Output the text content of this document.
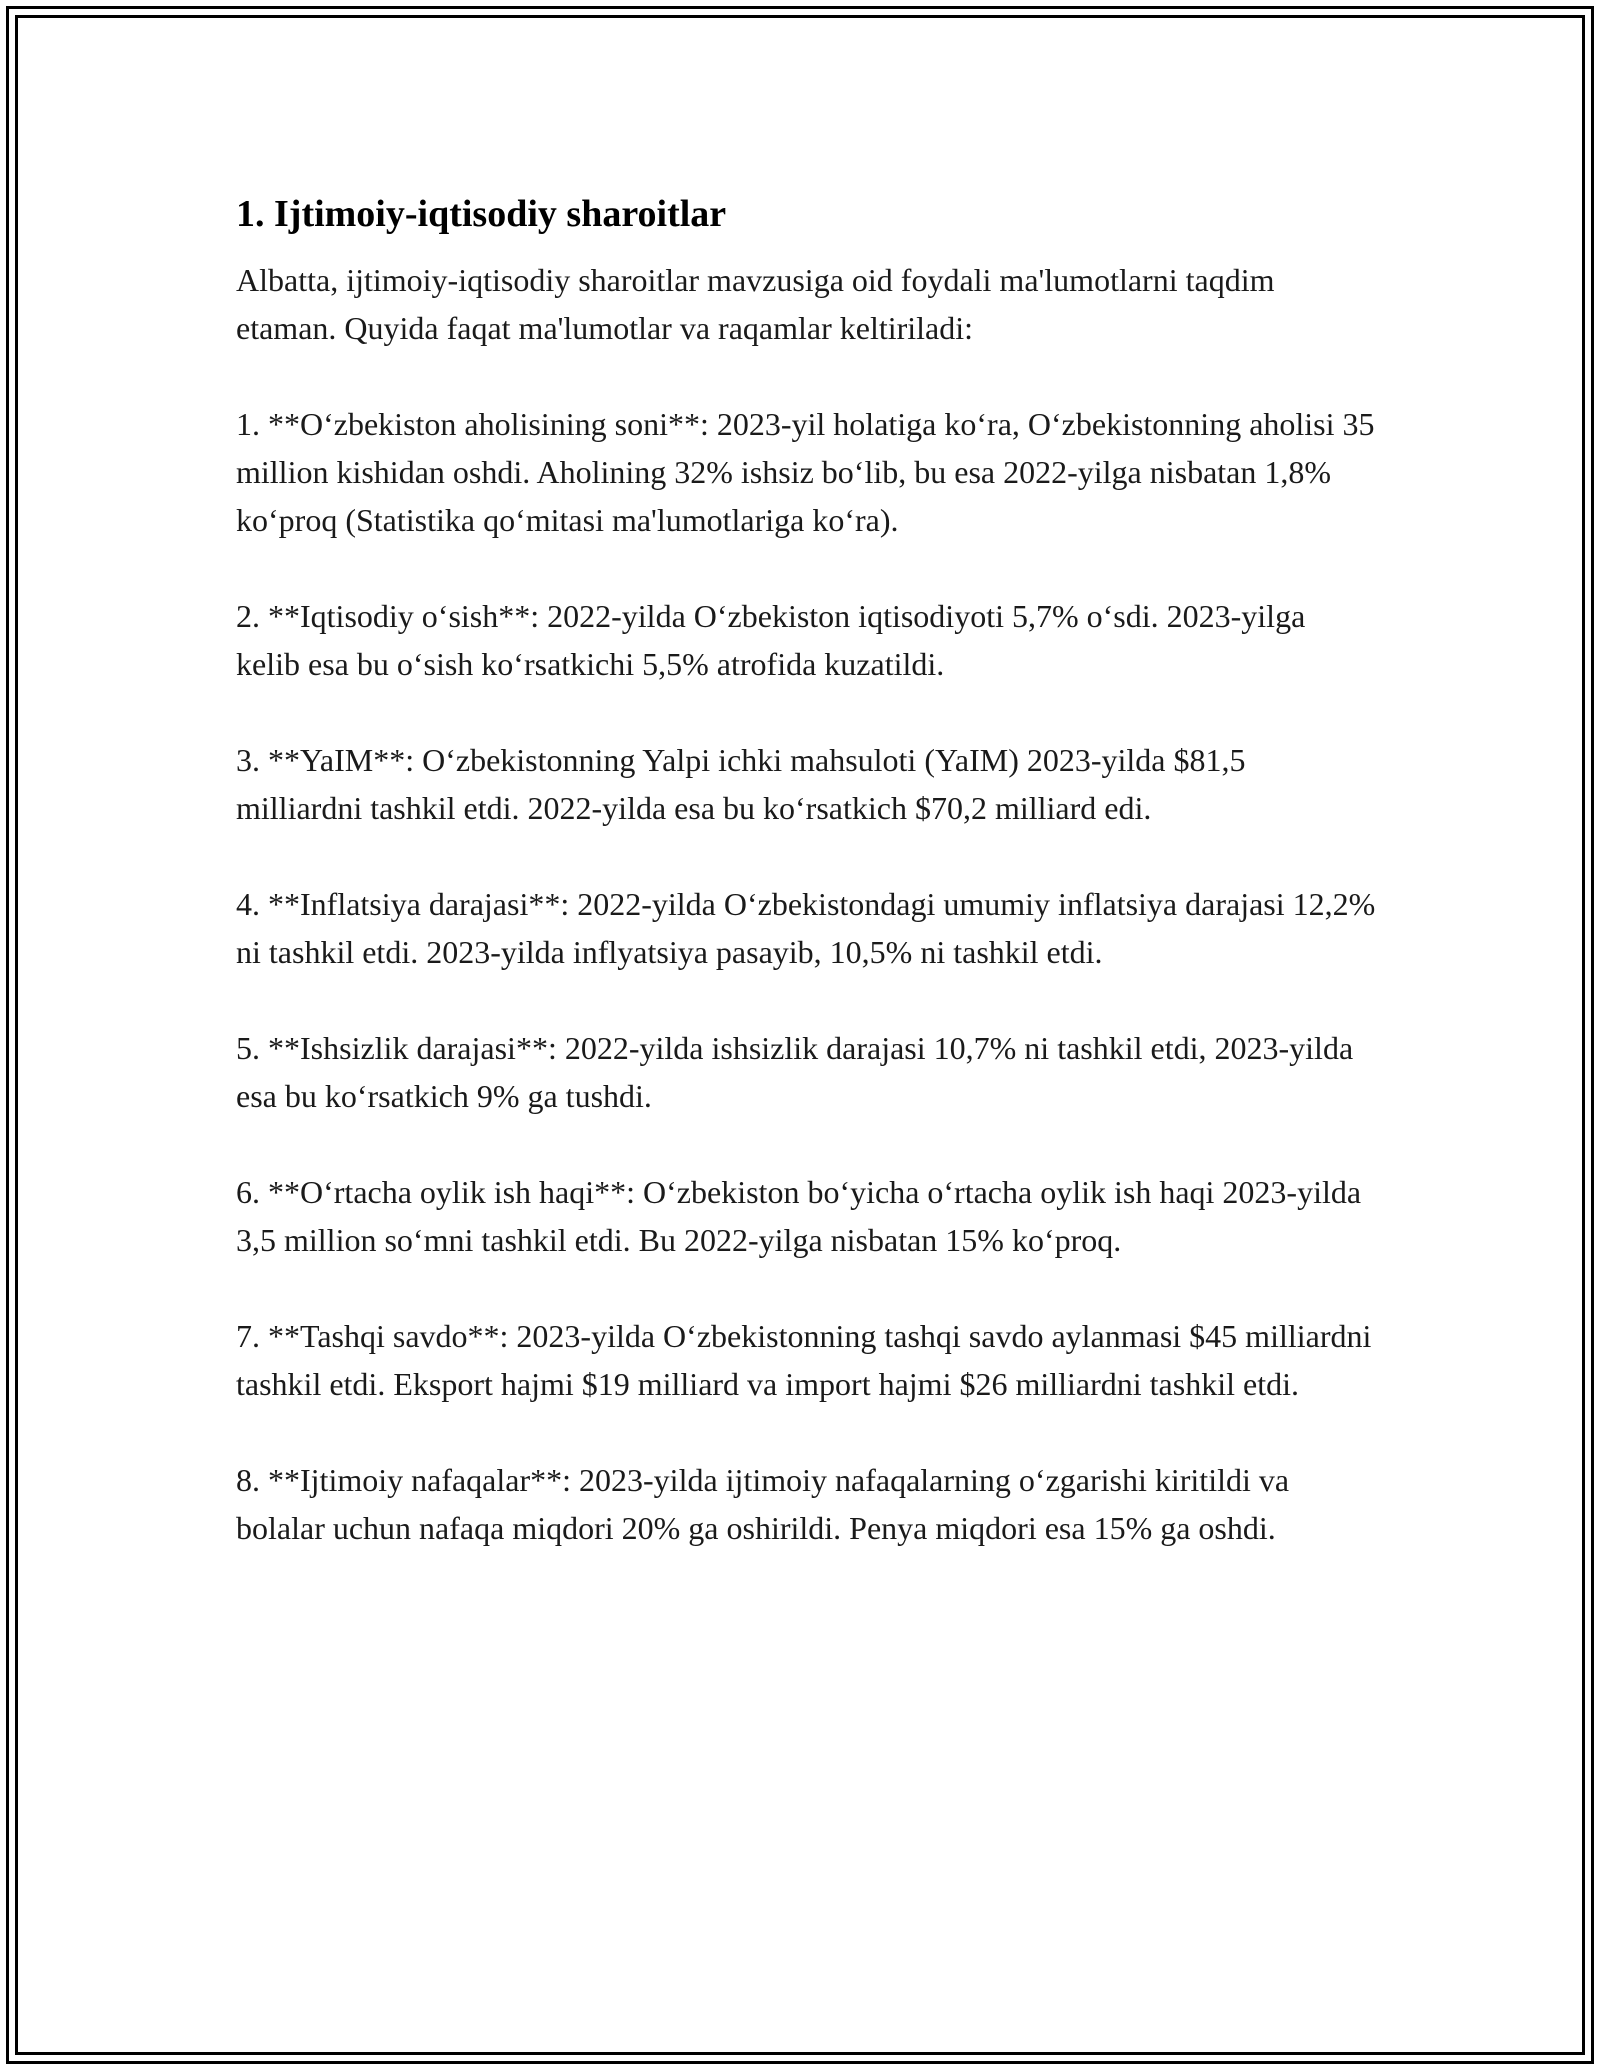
1. Ijtimoiy-iqtisodiy sharoitlar

Albatta, ijtimoiy-iqtisodiy sharoitlar mavzusiga oid foydali ma'lumotlarni taqdim etaman. Quyida faqat ma'lumotlar va raqamlar keltiriladi:

1. **O‘zbekiston aholisining soni**: 2023-yil holatiga ko‘ra, O‘zbekistonning aholisi 35 million kishidan oshdi. Aholining 32% ishsiz bo‘lib, bu esa 2022-yilga nisbatan 1,8% ko‘proq (Statistika qo‘mitasi ma'lumotlariga ko‘ra).

2. **Iqtisodiy o‘sish**: 2022-yilda O‘zbekiston iqtisodiyoti 5,7% o‘sdi. 2023-yilga kelib esa bu o‘sish ko‘rsatkichi 5,5% atrofida kuzatildi.

3. **YaIM**: O‘zbekistonning Yalpi ichki mahsuloti (YaIM) 2023-yilda $81,5 milliardni tashkil etdi. 2022-yilda esa bu ko‘rsatkich $70,2 milliard edi.

4. **Inflatsiya darajasi**: 2022-yilda O‘zbekistondagi umumiy inflatsiya darajasi 12,2% ni tashkil etdi. 2023-yilda inflyatsiya pasayib, 10,5% ni tashkil etdi.

5. **Ishsizlik darajasi**: 2022-yilda ishsizlik darajasi 10,7% ni tashkil etdi, 2023-yilda esa bu ko‘rsatkich 9% ga tushdi.

6. **O‘rtacha oylik ish haqi**: O‘zbekiston bo‘yicha o‘rtacha oylik ish haqi 2023-yilda 3,5 million so‘mni tashkil etdi. Bu 2022-yilga nisbatan 15% ko‘proq.

7. **Tashqi savdo**: 2023-yilda O‘zbekistonning tashqi savdo aylanmasi $45 milliardni tashkil etdi. Eksport hajmi $19 milliard va import hajmi $26 milliardni tashkil etdi.

8. **Ijtimoiy nafaqalar**: 2023-yilda ijtimoiy nafaqalarning o‘zgarishi kiritildi va bolalar uchun nafaqa miqdori 20% ga oshirildi. Penya miqdori esa 15% ga oshdi.
